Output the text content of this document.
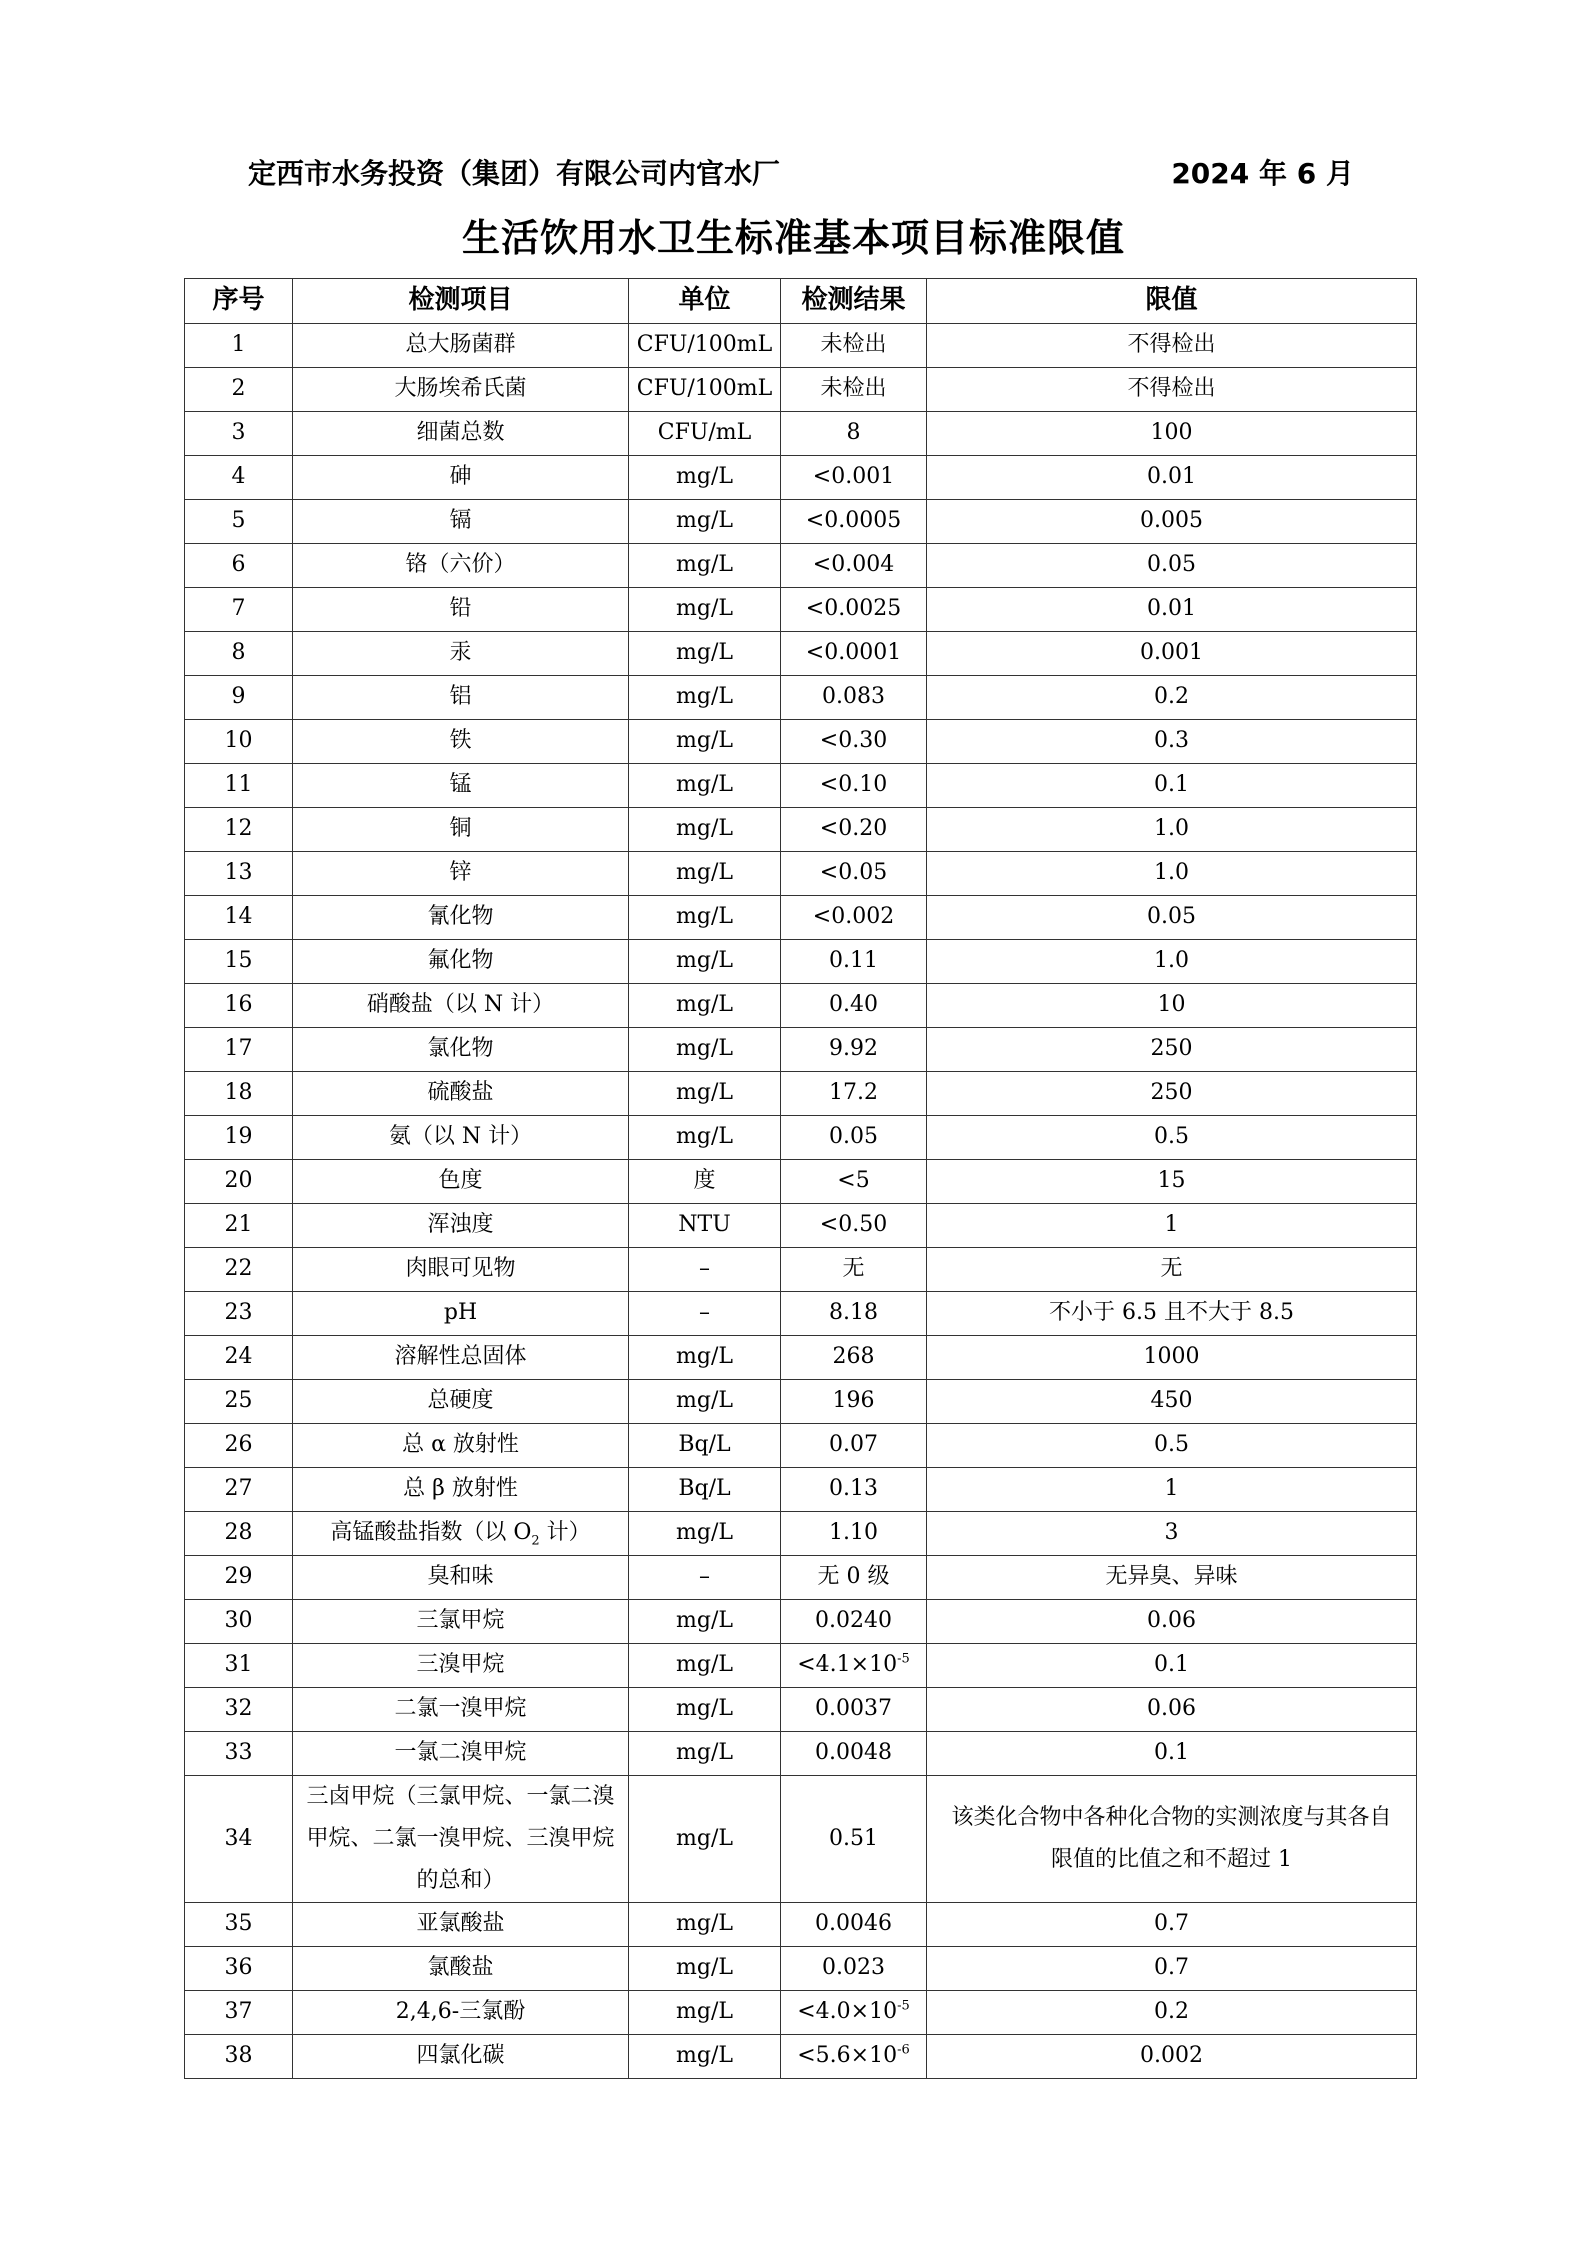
定西市水务投资（集团）有限公司内官水厂	2024 年 6 月
生活饮用水卫生标准基本项目标准限值
序号	检测项目	单位	检测结果	限值
1	总大肠菌群	CFU/100mL	未检出	不得检出
2	大肠埃希氏菌	CFU/100mL	未检出	不得检出
3	细菌总数	CFU/mL	8	100
4	砷	mg/L	<0.001	0.01
5	镉	mg/L	<0.0005	0.005
6	铬（六价）	mg/L	<0.004	0.05
7	铅	mg/L	<0.0025	0.01
8	汞	mg/L	<0.0001	0.001
9	铝	mg/L	0.083	0.2
10	铁	mg/L	<0.30	0.3
11	锰	mg/L	<0.10	0.1
12	铜	mg/L	<0.20	1.0
13	锌	mg/L	<0.05	1.0
14	氰化物	mg/L	<0.002	0.05
15	氟化物	mg/L	0.11	1.0
16	硝酸盐（以 N 计）	mg/L	0.40	10
17	氯化物	mg/L	9.92	250
18	硫酸盐	mg/L	17.2	250
19	氨（以 N 计）	mg/L	0.05	0.5
20	色度	度	<5	15
21	浑浊度	NTU	<0.50	1
22	肉眼可见物	–	无	无
23	pH	–	8.18	不小于 6.5 且不大于 8.5
24	溶解性总固体	mg/L	268	1000
25	总硬度	mg/L	196	450
26	总 α 放射性	Bq/L	0.07	0.5
27	总 β 放射性	Bq/L	0.13	1
28	高锰酸盐指数（以 $O_2$ 计）	mg/L	1.10	3
29	臭和味	–	无 0 级	无异臭、异味
30	三氯甲烷	mg/L	0.0240	0.06
31	三溴甲烷	mg/L	$<4.1\times 10^{-5}$	0.1
32	二氯一溴甲烷	mg/L	0.0037	0.06
33	一氯二溴甲烷	mg/L	0.0048	0.1
34	三卤甲烷（三氯甲烷、一氯二溴甲烷、二氯一溴甲烷、三溴甲烷的总和）	mg/L	0.51	该类化合物中各种化合物的实测浓度与其各自限值的比值之和不超过 1
35	亚氯酸盐	mg/L	0.0046	0.7
36	氯酸盐	mg/L	0.023	0.7
37	2,4,6-三氯酚	mg/L	$<4.0\times 10^{-5}$	0.2
38	四氯化碳	mg/L	$<5.6\times 10^{-6}$	0.002
